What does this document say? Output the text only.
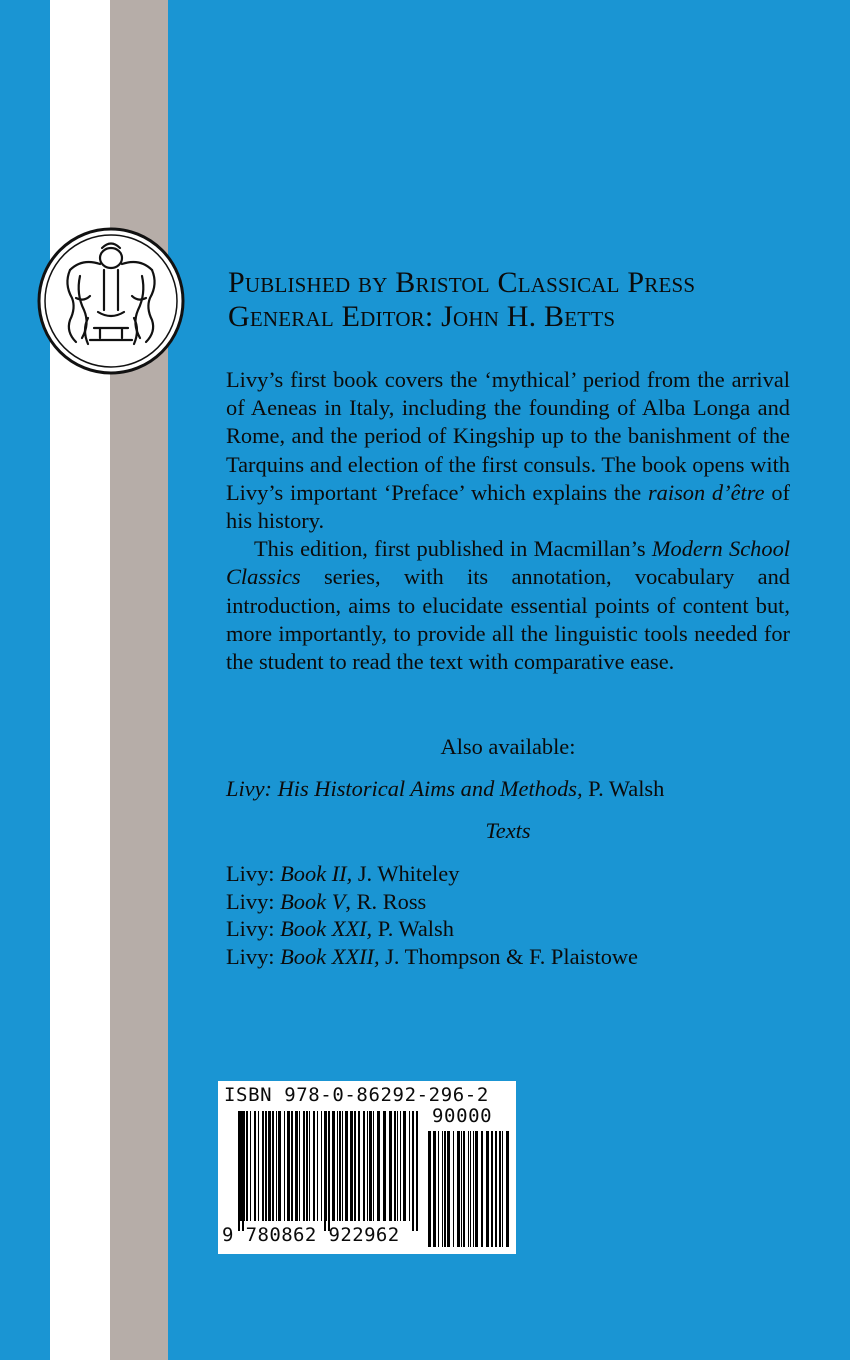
Published by Bristol Classical Press
General Editor: John H. Betts

Livy’s first book covers the ‘mythical’ period from the arrival of Aeneas in Italy, including the founding of Alba Longa and Rome, and the period of Kingship up to the banishment of the Tarquins and election of the first consuls. The book opens with Livy’s important ‘Preface’ which explains the raison d’être of his history.

This edition, first published in Macmillan’s Modern School Classics series, with its annotation, vocabulary and introduction, aims to elucidate essential points of content but, more importantly, to provide all the linguistic tools needed for the student to read the text with comparative ease.

Also available:
Livy: His Historical Aims and Methods, P. Walsh
Texts
Livy: Book II, J. Whiteley
Livy: Book V, R. Ross
Livy: Book XXI, P. Walsh
Livy: Book XXII, J. Thompson & F. Plaistowe
ISBN 978-0-86292-296-2
90000
9 780862 922962
